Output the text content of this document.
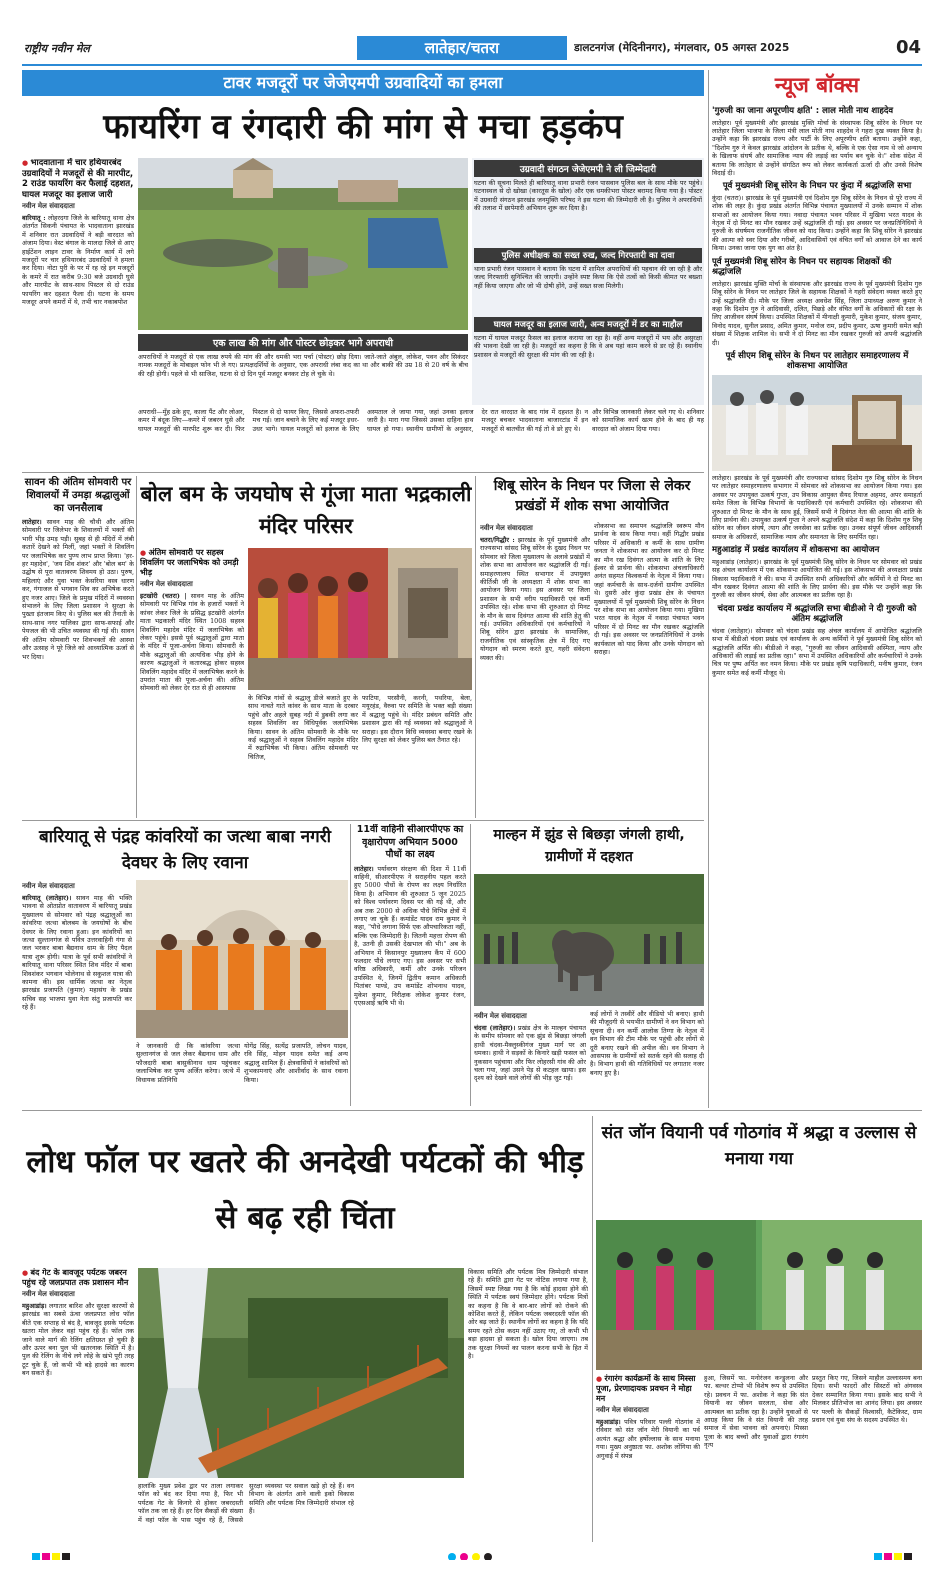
राष्ट्रीय नवीन मेल	लातेहार/चतरा	डालटनगंज (मेदिनीनगर), मंगलवार, 05 अगस्त 2025	04
टावर मजदूरों पर जेजेएमपी उग्रवादियों का हमला
फायरिंग व रंगदारी की मांग से मचा हड़कंप
● भादवाताना में चार हथियारबंद उग्रवादियों ने मजदूरों से की मारपीट, 2 राउंड फायरिंग कर फैलाई दहशत, घायल मजदूर का इलाज जारी
नवीन मेल संवाददाता
बारियातू : लोहरदगा जिले के बारियातू थाना क्षेत्र अंतर्गत सिकनी पंचायत के भादवाताना झारखंड में शनिवार रात उग्रवादियों ने बड़ी वारदात को अंजाम दिया। वेस्ट बंगाल के मालदा जिले से आए हाईटेंशन लाइन टावर के निर्माण कार्य में लगे मजदूरों पर चार हथियारबंद उग्रवादियों ने हमला कर दिया। नोटा पुरी के पर में रह रहे इन मजदूरों के कमरे में रात करीब 9:30 बजे उग्रवादी घुसे और मारपीट के साथ-साथ पिस्टल से दो राउंड फायरिंग कर दहशत फैला दी। घटना के समय मजदूर अपने कमरों में थे, तभी चार नकाबपोश
एक लाख की मांग और पोस्टर छोड़कर भागे अपराधी
अपराधियों ने मजदूरों से एक लाख रुपये की मांग की और धमकी भरा पर्चा (पोस्टर) छोड़ दिया। जाते-जाते अंबुल, लोकेश, पवन और सिकंदर नामक मजदूरों के मोबाइल फोन भी ले गए। प्रत्यक्षदर्शियों के अनुसार, एक अपराधी लंबा कद का था और बाकी की उम्र 18 से 20 वर्ष के बीच की रही होगी। पहले से भी साजिश, घटना से दो दिन पूर्व मजदूर बनकर टोह ले चुके थे।
उग्रवादी संगठन जेजेएमपी ने ली जिम्मेदारी
घटना की सूचना मिलते ही बारियातू थाना प्रभारी रंजन पासवान पुलिस बल के साथ मौके पर पहुंचे। घटनास्थल से दो खोखा (कारतूस के खोल) और एक धमकीभरा पोस्टर बरामद किया गया है। पोस्टर में उग्रवादी संगठन झारखंड जनमुक्ति परिषद ने इस घटना की जिम्मेदारी ली है। पुलिस ने अपराधियों की तलाश में छापेमारी अभियान शुरू कर दिया है।
पुलिस अधीक्षक का सख्त रुख, जल्द गिरफ्तारी का दावा
थाना प्रभारी रंजन पासवान ने बताया कि घटना में शामिल अपराधियों की पहचान की जा रही है और जल्द गिरफ्तारी सुनिश्चित की जाएगी। उन्होंने स्पष्ट किया कि ऐसे तत्वों को किसी कीमत पर बख्शा नहीं किया जाएगा और जो भी दोषी होंगे, उन्हें सख्त सजा मिलेगी।
घायल मजदूर का इलाज जारी, अन्य मजदूरों में डर का माहौल
घटना में घायल मजदूर फ़ैसल का इलाज कराया जा रहा है। वहीं अन्य मजदूरों में भय और असुरक्षा की भावना देखी जा रही है। मजदूरों का कहना है कि वे अब यहां काम करने से डर रहे हैं। स्थानीय प्रशासन से मजदूरों की सुरक्षा की मांग की जा रही है।
अपराधी—मुँह ढके हुए, काला पैंट और लोअर, कमर में बंदूक लिए—कमरे में जबरन घुसे और घायल मजदूरों की मारपीट शुरू कर दी। फिर पिस्टल से दो फायर किए, जिससे अफरा-तफरी मच गई। जान बचाने के लिए कई मजदूर इधर-उधर भागे। घायल मजदूरों को इलाज के लिए अस्पताल ले जाया गया, जहां उनका इलाज जारी है। मारा गया जिससे उसका दाहिना हाथ घायल हो गया। स्थानीय ग्रामीणों के अनुसार, देर रात वारदात के बाद गांव में दहशत है। न मजदूर बचकर भादवाताना बाजारटांड में इन मजदूरों से बातचीत की गई तो वे डरे हुए थे।
और विभिन्न जानकारी लेकर चले गए थे। शनिवार को सामाजिक कार्य खत्म होने के बाद ही यह वारदात को अंजाम दिया गया।
सावन की अंतिम सोमवारी पर शिवालयों में उमड़ा श्रद्धालुओं का जनसैलाब
लातेहार। सावन माह की चौथी और अंतिम सोमवारी पर जिलेभर के शिवालयों में भक्तों की भारी भीड़ उमड़ पड़ी। सुबह से ही मंदिरों में लंबी कतारें देखने को मिलीं, जहां भक्तों ने शिवलिंग पर जलाभिषेक कर पुण्य लाभ प्राप्त किया। 'हर-हर महादेव', 'जय शिव शंकर' और 'बोल बम' के उद्घोष से पूरा वातावरण शिवमय हो उठा। पुरुष, महिलाएं और युवा भक्त केसरिया वस्त्र धारण कर, गंगाजल से भगवान शिव का अभिषेक करते हुए नजर आए। जिले के प्रमुख मंदिरों में व्यवस्था संभालने के लिए जिला प्रशासन ने सुरक्षा के पुख्ता इंतजाम किए थे। पुलिस बल की तैनाती के साथ-साथ नगर पालिका द्वारा साफ-सफाई और पेयजल की भी उचित व्यवस्था की गई थी। सावन की अंतिम सोमवारी पर शिवभक्तों की आस्था और उत्साह ने पूरे जिले को आध्यात्मिक ऊर्जा से भर दिया।
बोल बम के जयघोष से गूंजा माता भद्रकाली मंदिर परिसर
● अंतिम सोमवारी पर सहस्त्र शिवलिंग पर जलाभिषेक को उमड़ी भीड़
नवीन मेल संवाददाता
इटखोरी (चतरा) | सावन माह के अंतिम सोमवारी पर विभिन्न गांव के हजारों भक्तों ने कांवर लेकर जिले के प्रसिद्ध इटखोरी अंतर्गत माता भद्रकाली मंदिर स्थित 1008 सहस्त्र शिवलिंग महादेव मंदिर में जलाभिषेक को लेकर पहुंचे। इससे पूर्व श्रद्धालुओं द्वारा माता के मंदिर में पूजा-अर्चना किया। सोमवारी के मौके श्रद्धालुओं की अत्यधिक भीड़ होने के कारण श्रद्धालुओं ने कतारबद्ध होकर सहस्त्र शिवलिंग महादेव मंदिर में जलाभिषेक करने के उपरांत माता की पूजा-अर्चना की। अंतिम सोमवारी को लेकर देर रात से ही आसपास
के विभिन्न गांवों से श्रद्धालु डीजे बजाते हुए के साथ नाचते गाते कांवर के साथ माता के दरबार पहुंचे और अहले सुबह नदी में डुबकी लगा कर सहस्त्र शिवलिंग का विधिपूर्वक जलाभिषेक किया। सावन के अंतिम सोमवारी के मौके पर कई श्रद्धालुओं ने सहस्त्र शिवलिंग महादेव मंदिर में रुद्राभिषेक भी किया। अंतिम सोमवारी पर चितिज,
फाटिया, परसौनी, करनी, पथरिया, बेला, मयूरहंड, वैरुवा पर समिति के भक्त बड़ी संख्या में श्रद्धालु पहुंचे थे। मंदिर प्रबंधन समिति और प्रशासन द्वारा की गई व्यवस्था को श्रद्धालुओं ने सराहा। इस दौरान विधि व्यवस्था बनाए रखने के लिए सुरक्षा को लेकर पुलिस बल तैनात रहे।
शिबू सोरेन के निधन पर जिला से लेकर प्रखंडों में शोक सभा आयोजित
नवीन मेल संवाददाता
चतरा/गिद्धौर : झारखंड के पूर्व मुख्यमंत्री और राज्यसभा सांसद शिबू सोरेन के दुखद निधन पर सोमवार को जिला मुख्यालय के अलावे प्रखंडों में शोक सभा का आयोजन कर श्रद्धांजलि दी गई। समाहरणालय स्थित सभागार में उपायुक्त कीर्तिश्री जी के अध्यक्षता में शोक सभा का आयोजन किया गया। इस अवसर पर जिला प्रशासन के सभी वरीय पदाधिकारी एवं कर्मी उपस्थित रहे। शोक सभा की शुरुआत दो मिनट के मौन के साथ दिवंगत आत्मा की शांति हेतु की गई। उपस्थित अधिकारियों एवं कर्मचारियों ने शिबू सोरेन द्वारा झारखंड के सामाजिक, राजनीतिक एवं सांस्कृतिक क्षेत्र में दिए गए योगदान को स्मरण करते हुए, गहरी संवेदना व्यक्त की।
शोकसभा का समापन श्रद्धांजलि स्वरूप मौन प्रार्थना के साथ किया गया। वहीं गिद्धौर प्रखंड परिसर में अधिकारी व कर्मी के साथ ग्रामीण जनता ने शोकसभा का आयोजन कर दो मिनट का मौन रख दिवंगत आत्मा के शांति के लिए ईश्वर से प्रार्थना की। शोकसभा अंचलाधिकारी अनंत सहमत विश्वकर्मा के नेतृत्व में किया गया। जहां कर्मचारी के साथ-दर्जनों ग्रामीण उपस्थित थे। दुसरी ओर कुंदा प्रखंड क्षेत्र के पंचायत मुख्यालयों में पूर्व मुख्यमंत्री शिबू सोरेन के निधन पर शोक सभा का आयोजन किया गया। मुखिया भरत यादव के नेतृत्व में नवादा पंचायत भवन परिसर में दो मिनट का मौन रखकर श्रद्धांजलि दी गई। इस अवसर पर जनप्रतिनिधियों ने उनके कार्यकाल को याद किया और उनके योगदान को सराहा।
बारियातू से पंद्रह कांवरियों का जत्था बाबा नगरी देवघर के लिए रवाना
नवीन मेल संवाददाता
बारियातू (लातेहार)। सावन माह की भक्ति भावना से ओतप्रोत वातावरण में बारियातू प्रखंड मुख्यालय से सोमवार को पंद्रह श्रद्धालुओं का कांवरिया जत्था बोलबम के जयघोषों के बीच देवघर के लिए रवाना हुआ। इन कांवरियों का जत्था सुल्तानगंज से पवित्र उत्तरवाहिनी गंगा से जल भरकर बाबा बैद्यनाथ धाम के लिए पैदल यात्रा शुरू होगी। यात्रा के पूर्व सभी कांवरियों ने बारियातू थाना परिसर स्थित शिव मंदिर में बाबा शिवशंकर भगवान भोलेनाथ से सकुशल यात्रा की कामना की। इस धार्मिक जत्था का नेतृत्व झारखंड प्रजापति (कुमार) महासंघ के प्रखंड सचिव सह भाजपा युवा नेता संतु प्रजापति कर रहे हैं।
ने जानकारी दी कि कांवरिया जत्था सुल्तानगंज से जल लेकर बैद्यनाथ धाम और फौजदारी बाबा बासुकीनाथ धाम पहुंचकर जलाभिषेक कर पुण्य अर्जित करेगा। जत्थे में विधायक प्रतिनिधि
योगेंद्र सिंह, सत्येंद्र प्रजापति, लोचन यादव, रवि सिंह, मोहन यादव समेत कई अन्य श्रद्धालु शामिल हैं। क्षेत्रवासियों ने कांवरियों को शुभकामनाएं और आशीर्वाद के साथ रवाना किया।
11वीं वाहिनी सीआरपीएफ का वृक्षारोपण अभियान 5000 पौधों का लक्ष्य
लातेहार। पर्यावरण संरक्षण की दिशा में 11वीं वाहिनी, सीआरपीएफ ने सराहनीय पहल करते हुए 5000 पौधों के रोपण का लक्ष्य निर्धारित किया है। अभियान की शुरुआत 5 जून 2025 को विश्व पर्यावरण दिवस पर की गई थी, और अब तक 2000 से अधिक पौधे विभिन्न क्षेत्रों में लगाए जा चुके हैं। कमांडेंट यादव राम कुमार ने कहा, "पौधे लगाना सिर्फ एक औपचारिकता नहीं, बल्कि एक जिम्मेदारी है। जितनी महत्ता रोपण की है, उतनी ही उसकी देखभाल की भी।" अब के अभियान में किसानपुर मुख्यालय कैंप में 600 फलदार पौधे लगाए गए। इस अवसर पर सभी वरिष्ठ अधिकारी, कर्मी और उनके परिजन उपस्थित थे, जिनमें द्वितीय कमान अधिकारी पितांबर पाण्डे, उप कमांडेंट शोभनाथ यादव, मुकेश कुमार, निरीक्षक लोकेश कुमार रंजन, एएसआई ऋषि भी थे।
माल्हन में झुंड से बिछड़ा जंगली हाथी, ग्रामीणों में दहशत
नवीन मेल संवाददाता
चंदवा (लातेहार)। प्रखंड क्षेत्र के माल्हन पंचायत के समीप सोमवार को एक झुंड से बिछड़ा जंगली हाथी चंदवा-मैक्लुस्कीगंज मुख्य मार्ग पर आ धमका। हाथी ने सड़कों के किनारे खड़ी फसल को नुकसान पहुंचाया और फिर लोहरसी गांव की ओर चला गया, जहां उसने पेड़ से कटहल खाया। इस दृश्य को देखने वाले लोगों की भीड़ जुट गई।
कई लोगों ने तस्वीरें और वीडियो भी बनाए। हाथी की मौजूदगी से भयभीत ग्रामीणों ने वन विभाग को सूचना दी। वन कर्मी आलोक तिग्गा के नेतृत्व में वन विभाग की टीम मौके पर पहुंची और लोगों से दूरी बनाए रखने की अपील की। वन विभाग ने आसपास के ग्रामीणों को सतर्क रहने की सलाह दी है। विभाग हाथी की गतिविधियों पर लगातार नजर बनाए हुए है।
न्यूज बॉक्स
'गुरुजी का जाना अपूरणीय क्षति' : लाल मोती नाथ शाहदेव
लातेहार। पूर्व मुख्यमंत्री और झारखंड मुक्ति मोर्चा के संस्थापक शिबू सोरेन के निधन पर लातेहार जिला भाजपा के जिला मंत्री लाल मोती नाथ शाहदेव ने गहरा दुख व्यक्त किया है। उन्होंने कहा कि झारखंड राज्य और पार्टी के लिए अपूरणीय क्षति बताया। उन्होंने कहा, "दिशोम गुरु ने केवल झारखंड आंदोलन के प्रतीक थे, बल्कि वे एक ऐसा नाम थे जो अन्याय के खिलाफ संघर्ष और सामाजिक न्याय की लड़ाई का पर्याय बन चुके थे।" शोक संदेश में बताया कि लातेहार से उन्होंने संगठित रूप को लेकर कार्यकर्ता ऊर्जा दी और उनसे विशेष विदाई दी।
पूर्व मुख्यमंत्री शिबू सोरेन के निधन पर कुंदा में श्रद्धांजलि सभा
कुंदा (चतरा)। झारखंड के पूर्व मुख्यमंत्री एवं दिशोम गुरु शिबू सोरेन के निधन से पूरे राज्य में शोक की लहर है। कुंदा प्रखंड अंतर्गत विभिन्न पंचायत मुख्यालयों में उनके सम्मान में शोक सभाओं का आयोजन किया गया। नवादा पंचायत भवन परिसर में मुखिया भरत यादव के नेतृत्व में दो मिनट का मौन रखकर उन्हें श्रद्धांजलि दी गई। इस अवसर पर जनप्रतिनिधियों ने गुरुजी के संघर्षमय राजनीतिक जीवन को याद किया। उन्होंने कहा कि शिबू सोरेन ने झारखंड की आत्मा को स्वर दिया और गरीबों, आदिवासियों एवं वंचित वर्गों को आवाज देने का कार्य किया। उनका जाना एक युग का अंत है।
पूर्व मुख्यमंत्री शिबू सोरेन के निधन पर सहायक शिक्षकों की श्रद्धांजलि
लातेहार। झारखंड मुक्ति मोर्चा के संस्थापक और झारखंड राज्य के पूर्व मुख्यमंत्री दिशोम गुरु शिबू सोरेन के निधन पर लातेहार जिले के सहायक शिक्षकों ने गहरी संवेदना व्यक्त करते हुए उन्हें श्रद्धांजलि दी। मौके पर जिला अध्यक्ष अवधेश सिंह, जिला उपाध्यक्ष अरुण कुमार ने कहा कि दिशोम गुरु ने आदिवासी, दलित, पिछड़े और वंचित वर्गों के अधिकारों की रक्षा के लिए आजीवन संघर्ष किया। उपस्थित शिक्षकों में मीनाक्षी कुमारी, मुकेश कुमार, संजय कुमार, विनोद यादव, सुनील प्रसाद, अमित कुमार, मनोज राम, प्रदीप कुमार, ऊषा कुमारी समेत बड़ी संख्या में शिक्षक शामिल थे। सभी ने दो मिनट का मौन रखकर गुरुजी को अपनी श्रद्धांजलि दी।
पूर्व सीएम शिबू सोरेन के निधन पर लातेहार समाहरणालय में शोकसभा आयोजित
लातेहार। झारखंड के पूर्व मुख्यमंत्री और राज्यसभा सांसद दिशोम गुरु शिबू सोरेन के निधन पर लातेहार समाहरणालय सभागार में सोमवार को शोकसभा का आयोजन किया गया। इस अवसर पर उपायुक्त उत्कर्ष गुप्ता, उप विकास आयुक्त सैयद रियाज अहमद, अपर समाहर्ता समेत जिला के विभिन्न विभागों के पदाधिकारी एवं कर्मचारी उपस्थित रहे। शोकसभा की शुरुआत दो मिनट के मौन के साथ हुई, जिसमें सभी ने दिवंगत नेता की आत्मा की शांति के लिए प्रार्थना की। उपायुक्त उत्कर्ष गुप्ता ने अपने श्रद्धांजलि संदेश में कहा कि दिशोम गुरु शिबू सोरेन का जीवन संघर्ष, त्याग और जनसेवा का प्रतीक रहा। उनका संपूर्ण जीवन आदिवासी समाज के अधिकारों, सामाजिक न्याय और समानता के लिए समर्पित रहा।
महुआडांड़ में प्रखंड कार्यालय में शोकसभा का आयोजन
महुआडांड़ (लातेहार)। झारखंड के पूर्व मुख्यमंत्री शिबू सोरेन के निधन पर सोमवार को प्रखंड सह अंचल कार्यालय में एक शोकसभा आयोजित की गई। इस शोकसभा की अध्यक्षता प्रखंड विकास पदाधिकारी ने की। सभा में उपस्थित सभी अधिकारियों और कर्मियों ने दो मिनट का मौन रखकर दिवंगत आत्मा की शांति के लिए प्रार्थना की। इस मौके पर उन्होंने कहा कि गुरुजी का जीवन संघर्ष, सेवा और आत्मबल का प्रतीक रहा है।
चंदवा प्रखंड कार्यालय में श्रद्धांजलि सभा बीडीओ ने दी गुरुजी को अंतिम श्रद्धांजलि
चंदवा (लातेहार)। सोमवार को चंदवा प्रखंड सह अंचल कार्यालय में आयोजित श्रद्धांजलि सभा में बीडीओ चंदवा प्रखंड एवं कार्यालय के अन्य कर्मियों ने पूर्व मुख्यमंत्री शिबू सोरेन को श्रद्धांजलि अर्पित की। बीडीओ ने कहा, "गुरुजी का जीवन आदिवासी अस्मिता, न्याय और अधिकारों की लड़ाई का प्रतीक रहा।" सभा में उपस्थित अधिकारियों और कर्मचारियों ने उनके चित्र पर पुष्प अर्पित कर नमन किया। मौके पर प्रखंड कृषि पदाधिकारी, मनीष कुमार, रंजन कुमार समेत कई कर्मी मौजूद थे।
लोध फॉल पर खतरे की अनदेखी पर्यटकों की भीड़ से बढ़ रही चिंता
● बंद गेट के बावजूद पर्यटक जबरन पहुंच रहे जलप्रपात तक प्रशासन मौन
नवीन मेल संवाददाता
महुआडांड़। लगातार बारिश और सुरक्षा कारणों से झारखंड का सबसे ऊंचा जलप्रपात लोध फॉल बीते एक सप्ताह से बंद है, बावजूद इसके पर्यटक खतरा मोल लेकर वहां पहुंच रहे हैं। फॉल तक जाने वाले मार्ग की रेलिंग क्षतिग्रस्त हो चुकी है और ऊपर बना पुल भी खतरनाक स्थिति में है। पुल की रेलिंग के नीचे लगे लोहे के खंभे पूरी तरह टूट चुके हैं, जो कभी भी बड़े हादसे का कारण बन सकते हैं।
हालांकि मुख्य प्रवेश द्वार पर ताला लगाकर फॉल को बंद कर दिया गया है, फिर भी पर्यटक गेट के किनारे से होकर जबरदस्ती फॉल तक जा रहे हैं। हर दिन सैकड़ों की संख्या में वहां फॉल के पास पहुंच रहे हैं, जिससे सुरक्षा व्यवस्था पर सवाल खड़े हो रहे हैं। वन विभाग के अंतर्गत आने वाली इको विकास समिति और पर्यटक मित्र जिम्मेदारी संभाल रहे हैं।
विकास समिति और पर्यटक मित्र जिम्मेदारी संभाल रहे हैं। समिति द्वारा गेट पर नोटिस लगाया गया है, जिसमें स्पष्ट लिखा गया है कि कोई हादसा होने की स्थिति में पर्यटक स्वयं जिम्मेदार होंगे। पर्यटक मित्रों का कहना है कि वे बार-बार लोगों को रोकने की कोशिश करते हैं, लेकिन पर्यटक जबरदस्ती फॉल की ओर बढ़ जाते हैं। स्थानीय लोगों का कहना है कि यदि समय रहते ठोस कदम नहीं उठाए गए, तो कभी भी बड़ा हादसा हो सकता है। खोल दिया जाएगा। तब तक सुरक्षा नियमों का पालन करना सभी के हित में है।
संत जॉन वियानी पर्व गोठगांव में श्रद्धा व उल्लास से मनाया गया
● रंगारंग कार्यक्रमों के साथ मिस्सा पूजा, प्रेरणादायक प्रवचन ने मोहा मन
नवीन मेल संवाददाता
महुआडांड़। पवित्र परिवार पल्ली गोठगांव में रविवार को संत जॉन मेरी वियानी का पर्व अत्यंत श्रद्धा और हर्षोल्लास के साथ मनाया गया। मुख्य अनुष्ठाता फा. अशोक लोंगिया की अगुवाई में संपन्न
हुआ, जिसमें फा. मनोरंजन कन्डुलना और फा. बल्थर टोप्पो भी विशेष रूप से उपस्थित रहे। प्रवचन में फा. अशोक ने कहा कि संत वियानी का जीवन सरलता, सेवा और आत्मबल का प्रतीक रहा है। उन्होंने युवाओं से आग्रह किया कि वे संत वियानी की तरह समाज में सेवा भावना को अपनाएं। मिस्सा पूजा के बाद बच्चों और युवाओं द्वारा रंगारंग नृत्य
प्रस्तुत किए गए, जिसने माहौल उल्लासमय बना दिया। सभी फादरों और सिस्टरों को अंगवस्त्र देकर सम्मानित किया गया। इसके बाद सभी ने मिलकर प्रीतिभोज का आनंद लिया। इस अवसर पर पल्ली के सैकड़ों विश्वासी, कैटेकिस्ट, ग्राम प्रधान एवं युवा संघ के सदस्य उपस्थित थे।
